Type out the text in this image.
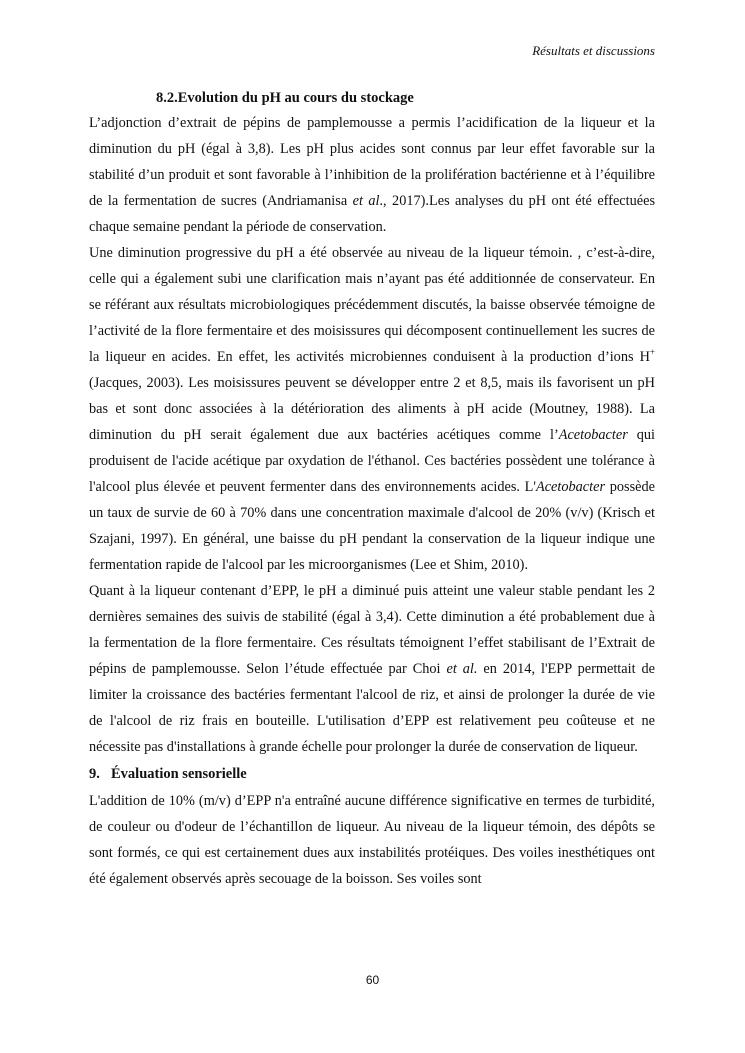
Résultats et discussions

8.2.Evolution du pH au cours du stockage

L’adjonction d’extrait de pépins de pamplemousse a permis l’acidification de la liqueur et la diminution du pH (égal à 3,8). Les pH plus acides sont connus par leur effet favorable sur la stabilité d’un produit et sont favorable à l’inhibition de la prolifération bactérienne et à l’équilibre de la fermentation de sucres (Andriamanisa et al., 2017).Les analyses du pH ont été effectuées chaque semaine pendant la période de conservation.

Une diminution progressive du pH a été observée au niveau de la liqueur témoin. , c’est-à-dire, celle qui a également subi une clarification mais n’ayant pas été additionnée de conservateur. En se référant aux résultats microbiologiques précédemment discutés, la baisse observée témoigne de l’activité de la flore fermentaire et des moisissures qui décomposent continuellement les sucres de la liqueur en acides. En effet, les activités microbiennes conduisent à la production d’ions H+ (Jacques, 2003). Les moisissures peuvent se développer entre 2 et 8,5, mais ils favorisent un pH bas et sont donc associées à la détérioration des aliments à pH acide (Moutney, 1988). La diminution du pH serait également due aux bactéries acétiques comme l’Acetobacter qui produisent de l'acide acétique par oxydation de l'éthanol. Ces bactéries possèdent une tolérance à l'alcool plus élevée et peuvent fermenter dans des environnements acides. L'Acetobacter possède un taux de survie de 60 à 70% dans une concentration maximale d'alcool de 20% (v/v) (Krisch et Szajani, 1997). En général, une baisse du pH pendant la conservation de la liqueur indique une fermentation rapide de l'alcool par les microorganismes (Lee et Shim, 2010).

Quant à la liqueur contenant d’EPP, le pH a diminué puis atteint une valeur stable pendant les 2 dernières semaines des suivis de stabilité (égal à 3,4). Cette diminution a été probablement due à la fermentation de la flore fermentaire. Ces résultats témoignent l’effet stabilisant de l’Extrait de pépins de pamplemousse. Selon l’étude effectuée par Choi et al. en 2014, l'EPP permettait de limiter la croissance des bactéries fermentant l'alcool de riz, et ainsi de prolonger la durée de vie de l'alcool de riz frais en bouteille. L'utilisation d’EPP est relativement peu coûteuse et ne nécessite pas d'installations à grande échelle pour prolonger la durée de conservation de liqueur.

9. Évaluation sensorielle

L'addition de 10% (m/v) d’EPP n'a entraîné aucune différence significative en termes de turbidité, de couleur ou d'odeur de l’échantillon de liqueur. Au niveau de la liqueur témoin, des dépôts se sont formés, ce qui est certainement dues aux instabilités protéiques. Des voiles inesthétiques ont été également observés après secouage de la boisson. Ses voiles sont

60
